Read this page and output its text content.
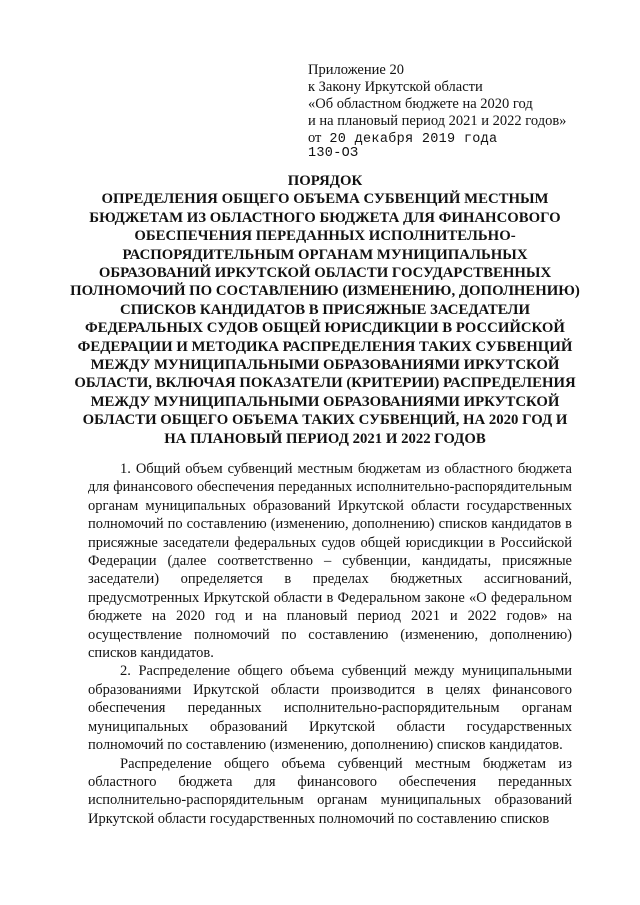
Приложение 20
к Закону Иркутской области
«Об областном бюджете на 2020 год
и на плановый период 2021 и 2022 годов»
от 20 декабря 2019 года
130-ОЗ
ПОРЯДОК
ОПРЕДЕЛЕНИЯ ОБЩЕГО ОБЪЕМА СУБВЕНЦИЙ МЕСТНЫМ БЮДЖЕТАМ ИЗ ОБЛАСТНОГО БЮДЖЕТА ДЛЯ ФИНАНСОВОГО ОБЕСПЕЧЕНИЯ ПЕРЕДАННЫХ ИСПОЛНИТЕЛЬНО-РАСПОРЯДИТЕЛЬНЫМ ОРГАНАМ МУНИЦИПАЛЬНЫХ ОБРАЗОВАНИЙ ИРКУТСКОЙ ОБЛАСТИ ГОСУДАРСТВЕННЫХ ПОЛНОМОЧИЙ ПО СОСТАВЛЕНИЮ (ИЗМЕНЕНИЮ, ДОПОЛНЕНИЮ) СПИСКОВ КАНДИДАТОВ В ПРИСЯЖНЫЕ ЗАСЕДАТЕЛИ ФЕДЕРАЛЬНЫХ СУДОВ ОБЩЕЙ ЮРИСДИКЦИИ В РОССИЙСКОЙ ФЕДЕРАЦИИ И МЕТОДИКА РАСПРЕДЕЛЕНИЯ ТАКИХ СУБВЕНЦИЙ МЕЖДУ МУНИЦИПАЛЬНЫМИ ОБРАЗОВАНИЯМИ ИРКУТСКОЙ ОБЛАСТИ, ВКЛЮЧАЯ ПОКАЗАТЕЛИ (КРИТЕРИИ) РАСПРЕДЕЛЕНИЯ МЕЖДУ МУНИЦИПАЛЬНЫМИ ОБРАЗОВАНИЯМИ ИРКУТСКОЙ ОБЛАСТИ ОБЩЕГО ОБЪЕМА ТАКИХ СУБВЕНЦИЙ, НА 2020 ГОД И НА ПЛАНОВЫЙ ПЕРИОД 2021 И 2022 ГОДОВ

1. Общий объем субвенций местным бюджетам из областного бюджета для финансового обеспечения переданных исполнительно-распорядительным органам муниципальных образований Иркутской области государственных полномочий по составлению (изменению, дополнению) списков кандидатов в присяжные заседатели федеральных судов общей юрисдикции в Российской Федерации (далее соответственно – субвенции, кандидаты, присяжные заседатели) определяется в пределах бюджетных ассигнований, предусмотренных Иркутской области в Федеральном законе «О федеральном бюджете на 2020 год и на плановый период 2021 и 2022 годов» на осуществление полномочий по составлению (изменению, дополнению) списков кандидатов.

2. Распределение общего объема субвенций между муниципальными образованиями Иркутской области производится в целях финансового обеспечения переданных исполнительно-распорядительным органам муниципальных образований Иркутской области государственных полномочий по составлению (изменению, дополнению) списков кандидатов.

Распределение общего объема субвенций местным бюджетам из областного бюджета для финансового обеспечения переданных исполнительно-распорядительным органам муниципальных образований Иркутской области государственных полномочий по составлению списков
